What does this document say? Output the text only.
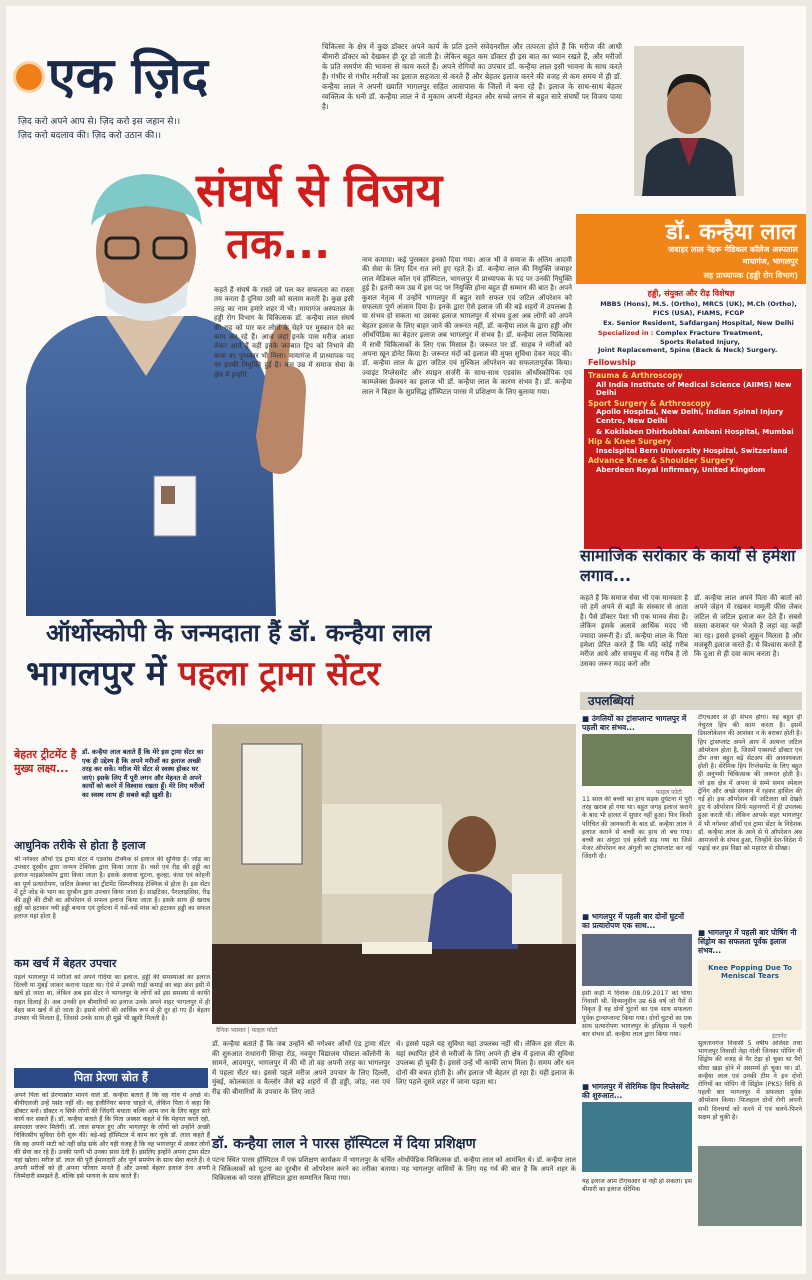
एक ज़िद
ज़िद करो अपने आप से। ज़िद करो इस जहान से।।
ज़िद करो बदलाव की। ज़िद करो उठान की।।
चिकित्सा के क्षेत्र में कुछ डॉक्टर अपने कार्य के प्रति इतने संवेदनशील और तत्परता होते हैं कि मरीज की आधी बीमारी डॉक्टर को देखकर ही दूर हो जाती है। लेकिन बहुत कम डॉक्टर ही इस बात का ध्यान रखते हैं, और मरीजों के प्रति समर्पण की भावना से काम करते हैं। अपने रोगियों का उपचार डॉ. कन्हैया लाल इसी भावना के साथ करते हैं। गंभीर से गंभीर मरीजों का इलाज सहजता से करते हैं और बेहतर इलाज करने की वजह से कम समय में ही डॉ. कन्हैया लाल ने अपनी ख्याति भागलपुर सहित आसपास के जिलों में बना रहे हैं। इलाज के साथ-साथ बेहतर व्यक्तित्व के धनी डॉ. कन्हैया लाल ने वे मुकाम अपनी मेहनत और सच्चे लगन से बहुत सारे संघर्षों पर विजय पाया है।
डॉ. कन्हैया लाल
जवाहर लाल नेहरू मेडिकल कॉलेज अस्पताल
मायागंज, भागलपुर
सह प्राध्यापक (हड्डी रोग विभाग)
हड्डी, संयुक्त और रीढ़ विशेषज्ञ
MBBS (Hons), M.S. (Ortho), MRCS (UK), M.Ch (Ortho), FICS (USA), FIAMS, FCGP
Ex. Senior Resident, Safdarganj Hospital, New Delhi
Specialized in : Complex Fracture Treatment,
Sports Related Injury,
Joint Replacement, Spine (Back & Neck) Surgery.
Fellowship
Trauma & Arthroscopy
All India Institute of Medical Science (AIIMS) New Delhi
Sport Surgery & Arthroscopy
Apollo Hospital, New Delhi, Indian Spinal Injury Centre, New Delhi
& Kokilaben Dhirbubhai Ambani Hospital, Mumbai
Hip & Knee Surgery
Inselspital Bern University Hospital, Switzerland
Advance Knee & Shoulder Surgery
Aberdeen Royal Infirmary, United Kingdom
संघर्ष से विजय
तक...
कहते हैं संघर्ष के रास्ते जो पल कर सफलता का रास्ता तय करता है दुनिया उसी को सलाम करती है। कुछ इसी तरह का नाम हमारे शहर में भी। मायागंज अस्पताल के हड्डी रोग विभाग के चिकित्सक डॉ. कन्हैया लाल संघर्ष की राह को पार कर लोगों के चेहरे पर मुस्कान देने का काम कर रहे हैं। आज जहां इनके पास मरीज आशा लेकर आते हैं वहीं इनके जज्बात ट्रिप को निभाने की कला का पुरस्कार भी मिला। मायागंज में प्राध्यापक पद पर इनकी नियुक्ति हुई है। कम उम्र में समाज सेवा के क्षेत्र में इन्होंने
नाम कमाया। कई पुरस्कार इनको दिया गया। आज भी वे समाज के अंतिम आदमी की सेवा के लिए दिन रात लगे हुए रहते हैं। डॉ. कन्हैया लाल की नियुक्ति जवाहर लाल मेडिकल कॉल एवं हॉस्पिटल, भागलपुर में प्राध्यापक के पद पर उनकी नियुक्ति हुई है। इतनी कम उम्र में इस पद पर नियुक्ति होना बहुत ही सम्मान की बात है। अपने कुशल नेतृत्व में उन्होंने भागलपुर में बहुत सारे सफल एवं जटिल ऑपरेशन को सफलता पूर्ण अंजाम दिया है। इनके द्वारा ऐसे इलाज जी की बड़े शहरों में उपलब्ध है या संभव हो सकता था उसका इलाज भागलपुर में संभव हुआ अब लोगों को अपने बेहतर इलाज के लिए बाहर जाने की जरूरत नहीं, डॉ. कन्हैया लाल के द्वारा हड्डी और ऑर्थोपेडिक का बेहतर इलाज अब भागलपुर में संभव है। डॉ. कन्हैया लाल चिकित्सा में सभी चिकित्सकों के लिए एक मिसाल हैं। जरूरत पर डॉ. साहब ने मरीजों को अपना खून डोनेट किया है। जरूरत मंदों को इलाज की मुफ्त सुविधा देकर मदद की। डॉ. कन्हैया लाल के द्वारा जटिल एवं मुश्किल ऑपरेशन का सफलतापूर्वक किया। ज्वाइंट रिप्लेसमेंट और स्पाइन सर्जरी के साथ-साथ एडवांस ऑर्थोस्कोपिक एवं काम्प्लेक्स फ्रैक्चर का इलाज भी डॉ. कन्हैया लाल के कारण संभव है। डॉ. कन्हैया लाल ने बिहार के सुप्रसिद्ध हॉस्पिटल पारस में प्रशिक्षण के लिए बुलाया गया।
सामाजिक सरोकार के कार्यों से हमेशा लगाव...
कहते हैं कि समाज सेवा भी एक मानवता है जो हमें अपने से बड़ों के संस्कार से आता है। पैसे डॉक्टर पेशा भी एक मानव सेवा है। लेकिन इसके अलावे आर्थिक मदद भी ज्यादा जरूरी है। डॉ. कन्हैया लाल के पिता हमेशा प्रेरित करते हैं कि यदि कोई गरीब मरीज आये और सचमुच में वह गरीब है तो उसका जरूर मदद करो और
डॉ. कन्हैया लाल अपने पिता की बातों को अपने जेहन में रखकर मामूली फीस लेकर जटिल से जटिल इलाज कर देते हैं। सबसे सस्ता कराकर घर भेजते हैं जहां वह कहीं का रह। इससे इनको शुकून मिलता है और मजबूरी इलाज करते हैं। ये विश्वास करते हैं कि दुआ से ही दवा काम करता है।
ऑर्थोस्कोपी के जन्मदाता हैं डॉ. कन्हैया लाल
भागलपुर में पहला ट्रामा सेंटर
बेहतर ट्रीटमेंट है मुख्य लक्ष्य...
डॉ. कन्हैया लाल बताते हैं कि मेरे इस ट्रामा सेंटर का एक ही उद्देश्य है कि अपने मरीजों का इलाज अच्छी तरह कर सकें। मरीज मेरे सेंटर से स्वस्थ होकर घर जाएं। इसके लिए मैं पूरी लगन और मेहनत से अपने कार्यों को करने में विश्वास रखता हूँ। मेरे लिए मरीजों का स्वस्थ लाभ ही सबसे बड़ी ख़ुशी है।
दैनिक भास्कर | फाइल फोटो
आधुनिक तरीके से होता है इलाज
श्री नगेश्वर ऑर्थो एंड ट्रामा सेंटर में एडवांस टेक्निक से इलाज की सुविधा है। जोड़ का उपचार दूरबीन द्वारा जन्मन टेक्निक द्वारा किया जाता है। नसों एवं रीढ़ की हड्डी का इलाज माइक्रोस्कोप द्वारा किया जाता है। इसके अलावा घुटना, कुल्हा, कंधा एवं कोहनी का पूर्ण प्रत्यारोपण, जटिल फ्रेक्चर का ट्रीटमेंट सिम्प्लीफाइ टेक्निक से होता है। इस सेंटर में टूटे जोड़ के भाग का दूरबीन द्वारा उपचार किया जाता है। साइटिका, पैरालाइसिस, रीढ़ की हड्डी की टीबी का ऑपरेशन से सफल इलाज किया जाता है। इसके साथ ही खराब हड्डी को हटाकर नयी हड्डी बनाना एवं दुर्घटना में नसें-नसें मांस को हटाकर हड्डी का सफल इलाज यहां होता है
कम खर्च में बेहतर उपचार
पहले भागलपुर में मरीजों को अपने गंदिया का इलाज, हड्डी की समस्याओं का इलाज दिल्ली या मुंबई जाकर कराना पड़ता था। ऐसे में उनकी गाढ़ी कमाई का बड़ा अंश इसी में खर्च हो जाता था, लेकिन अब इस सेंटर ने भागलपुर के लोगों को इस समस्या से काफी राहत दिलाई है। अब उनकी इन बीमारियों का इलाज उनके अपने शहर भागलपुर में ही बेहद कम खर्च में हो जाता है। इससे लोगों की आर्थिक रूप से ही दूर हो गए हैं। बेहतर उपचार भी मिलता है, जिससे उनके साथ ही मुझे भी ख़ुशी मिलती है।
पिता प्रेरणा स्रोत हैं
अपने पिता को प्रेरणास्रोत मानने वाले डॉ. कन्हैया बताते हैं कि वह गांव में अच्छे थे। बीपीएलजी उन्हें पसंद नहीं थी। वह इंजीनियर बनना चाहते थे, लेकिन पिता ने कहा कि डॉक्टर बनो। डॉक्टर न सिर्फ लोगों की जिंदगी बचाता बल्कि आम जन के लिए बहुत सारे कार्य कर सकते हैं। डॉ. कन्हैया बताते हैं कि पिता अक्सर कहते थे कि मेहनत करते रहो, सफलता जरूर मिलेगी। डॉ. लाल सफल हुए और भागलपुर के लोगों को उन्होंने अच्छी चिकित्सीय सुविधा देनी शुरू की। बड़े-बड़े हॉस्पिटल में काम कर चुके डॉ. लाल कहते हैं कि वह अपनी माटी को नहीं छोड़ सके और यही वजह है कि वह भागलपुर में आकर लोगों की सेवा कर रहे हैं। उनकी पत्नी भी उनका साथ देती है। इसलिए इन्होंने अपना ट्रामा सेंटर यहां खोला। मरीज डॉ. लाल की पूरी ईमानदारी और पूर्ण समर्पण के साथ सेवा करते हैं। वे अपनी मरीजों को ही अपना परिवार मानते हैं और उनको बेहतर इलाज देना अपनी जिम्मेदारी समझते हैं, बल्कि इसे भावना के साथ करते हैं।
डॉ. कन्हैया बताते हैं कि जब उन्होंने श्री नगेश्वर ऑर्थो एंड ट्रामा सेंटर की शुरुआत राधारानी सिन्हा रोड, नवयुग विद्यालय पोस्टल कॉलोनी के सामने, आदमपुर, भागलपुर में की थी तो वह अपनी तरह का भागलपुर में पहला सेंटर था। इससे पहले मरीज अपने उपचार के लिए दिल्ली, मुंबई, कोलकाता व वैल्लोर जैसे बड़े शहरों में ही हड्डी, जोड़, नस एवं रीढ़ की बीमारियों के उपचार के लिए जाते
थे। इससे पहले यह सुविधा यहां उपलब्ध नहीं थी। लेकिन इस सेंटर के यहां स्थापित होने से मरीजों के लिए अपने ही क्षेत्र में इलाज की सुविधा उपलब्ध हो चुकी है। इससे उन्हें भी काफी लाभ मिला है। समय और धन दोनों की बचत होती है। और इलाज भी बेहतर हो रहा है। यही इलाज के लिए पहले दूसरे शहर में जाना पड़ता था।
डॉ. कन्हैया लाल ने पारस हॉस्पिटल में दिया प्रशिक्षण
पटना स्थित पारस हॉस्पिटल में एक प्रशिक्षण कार्यक्रम में भागलपुर के चर्चित ऑर्थोपेडिक चिकित्सक डॉ. कन्हैया लाल को आमंत्रित थे। डॉ. कन्हैया लाल ने चिकित्सकों को घुटना का दूरबीन से ऑपरेशन करने का तरीका बताया। यह भागलपुर वासियों के लिए यह गर्व की बात है कि अपने शहर के चिकित्सक को पारस हॉस्पिटल द्वारा सम्मानित किया गया।
उपलब्धियां
■ उंगलियों का ट्रांसप्लान्ट भागलपुर में पहली बार संभव...
फाइल फोटो
11 साल की बच्ची का हाथ सड़क दुर्घटना में पूरी तरह खराब हो गया था। बहुत जगह इलाज कराने के बाद भी हालत में सुधार नहीं हुआ। फिर किसी परिचित की जानकारी के बाद डॉ. कन्हैया लाल ने इलाज कराने से बच्ची का हाथ तो बच गया। बच्ची का अंगूठा एवं हथेली सड़ गया था जिसे मेजर ऑपरेशन कर अंगुली का ट्रांसप्लांट कर नई जिंदगी दी।
■ भागलपुर में पहली बार दोनों घुटनों का प्रत्यारोपण एक साथ...
इसी कड़ी में दिनांक 08.09.2017 को घोघा निवासी श्री. दिव्यानुदीन उम्र 68 वर्ष जो पैरों में विकृत है वह दोनों घुटनों का एक साथ सफलता पूर्वक ट्रान्सप्लान्ट किया गया। दोनों घुटनों का एक साथ प्रत्यारोपण भागलपुर के इतिहास में पहली बार संभव डॉ. कन्हैया लाल द्वारा किया गया।
■ भागलपुर में सेरिमिक हिप रिप्लेसमेंट की शुरुआत...
यह इलाज आम टीएचआर से नहीं हो सकता। इस बीमारी का इलाज सेरेमिक
टीएचआर से ही संभव होगा। यह बहुत ही नेचुरल हिप की काम करता है। इसमें डिसलोकेशन की आशंका न के बराबर होती है। हिप ट्रांसप्लांट अपने आप में अत्यन्त जटिल ऑपरेशन होता है, जिसमें एक्सपर्ट डॉक्टर एवं टीम तथा बहुत बड़े सेटअप की आवश्यकता होती है। सेरेमिक हिप रिप्लेसमेंट के लिए बहुत ही अनुभवी चिकित्सक की जरूरत होती है। जो इस क्षेत्र में अपना से सम्मे समय स्पेशल ट्रेनिंग और अच्छे संस्थान में रहकर हासिल की गई हो। इस ऑपरेशन की जटिलता को देखते हुए ये ऑपरेशन सिर्फ महानगरों में ही उपलब्ध हुआ करती थी। लेकिन आपके शहर भागलपुर में भी नगेश्वर ऑर्थो एवं ट्रामा सेंटर के निदेशक डॉ. कन्हैया लाल के आने से ये ऑपरेशन अब आमजनों के संभव हुआ, जिन्होंने देश-विदेश में पढ़ाई कर इस विद्या को महारत से सीखा।
■ भागलपुर में पहली बार पोषिंग नी सिंड्रोम का सफलता पूर्वक इलाज संभव...
Knee Popping Due To Meniscal Tears
इंटरनेट
सुलतानगंज निवासी 5 वर्षीय अलिसा तथा भागलपुर निवासी नेहा गोली जिनका पोपिंग नी सिंड्रोम की वजह से पैर टेढ़ा हो चुका था पैरों सीधा खड़ा होने में असमर्थ हो चुका था। डॉ. कन्हैया लाल एवं उनकी टीम ने इन दोनों रोगियों का पोपिंग नी सिंड्रोम (PKS) विधि से पहली बार भागलपुर में सफलता पूर्वक ऑपरेशन किया। फिलहाल दोनों रोगी अपनी सभी दिनचर्या को करने में एवं चलने-फिरने सक्षम हो चुकी है।
